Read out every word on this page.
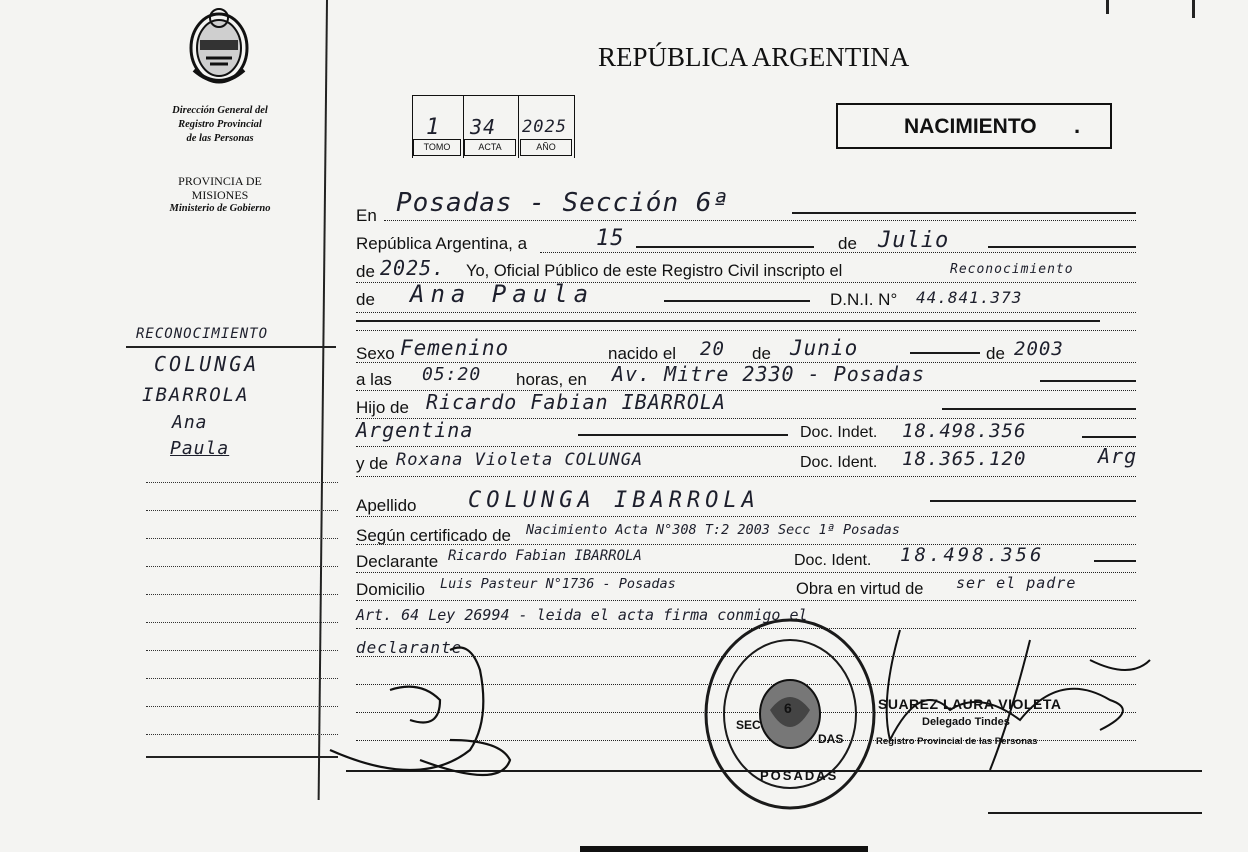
Dirección General del
Registro Provincial
de las Personas
PROVINCIA DE
MISIONES
Ministerio de Gobierno
REPÚBLICA ARGENTINA
1 34 2025
TOMO	ACTA	AÑO
NACIMIENTO .
RECONOCIMIENTO
COLUNGA
IBARROLA
Ana
Paula
En Posadas - Sección 6ª
República Argentina, a	15	de Julio
de 2025. Yo, Oficial Público de este Registro Civil inscripto el	Reconocimiento
de Ana Paula	D.N.I. N° 44.841.373
Sexo Femenino	nacido el 20 de Junio	de 2003
a las 05:20 horas, en Av. Mitre 2330 - Posadas
Hijo de Ricardo Fabian IBARROLA
Argentina	Doc. Indet. 18.498.356
y de Roxana Violeta COLUNGA	Doc. Ident. 18.365.120	Arg
Apellido COLUNGA IBARROLA
Según certificado de Nacimiento Acta N°308 T:2 2003 Secc 1ª Posadas
Declarante Ricardo Fabian IBARROLA	Doc. Ident. 18.498.356
Domicilio Luis Pasteur N°1736 - Posadas	Obra en virtud de ser el padre
Art. 64 Ley 26994 - leida el acta firma conmigo el
declarante
POSADAS
SEC
DAS
6	SUAREZ LAURA VIOLETA
Delegado Tindes
Registro Provincial de las Personas
